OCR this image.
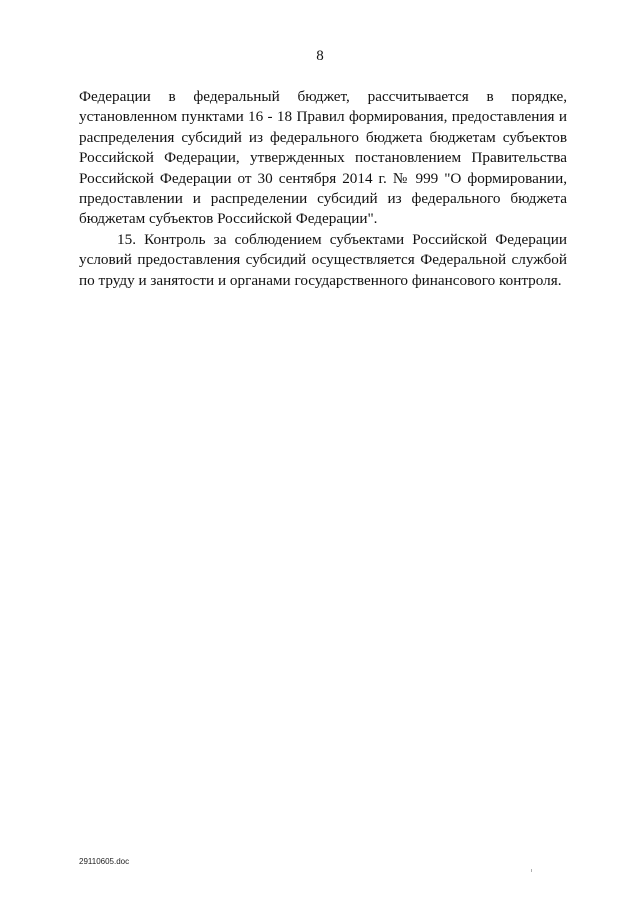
8
Федерации в федеральный бюджет, рассчитывается в порядке,
установленном пунктами 16 - 18 Правил формирования, предоставления и
распределения субсидий из федерального бюджета бюджетам субъектов
Российской Федерации, утвержденных постановлением Правительства
Российской Федерации от 30 сентября 2014 г. № 999 "О формировании,
предоставлении и распределении субсидий из федерального бюджета
бюджетам субъектов Российской Федерации".
15. Контроль за соблюдением субъектами Российской Федерации
условий предоставления субсидий осуществляется Федеральной службой
по труду и занятости и органами государственного финансового контроля.
29110605.doc
